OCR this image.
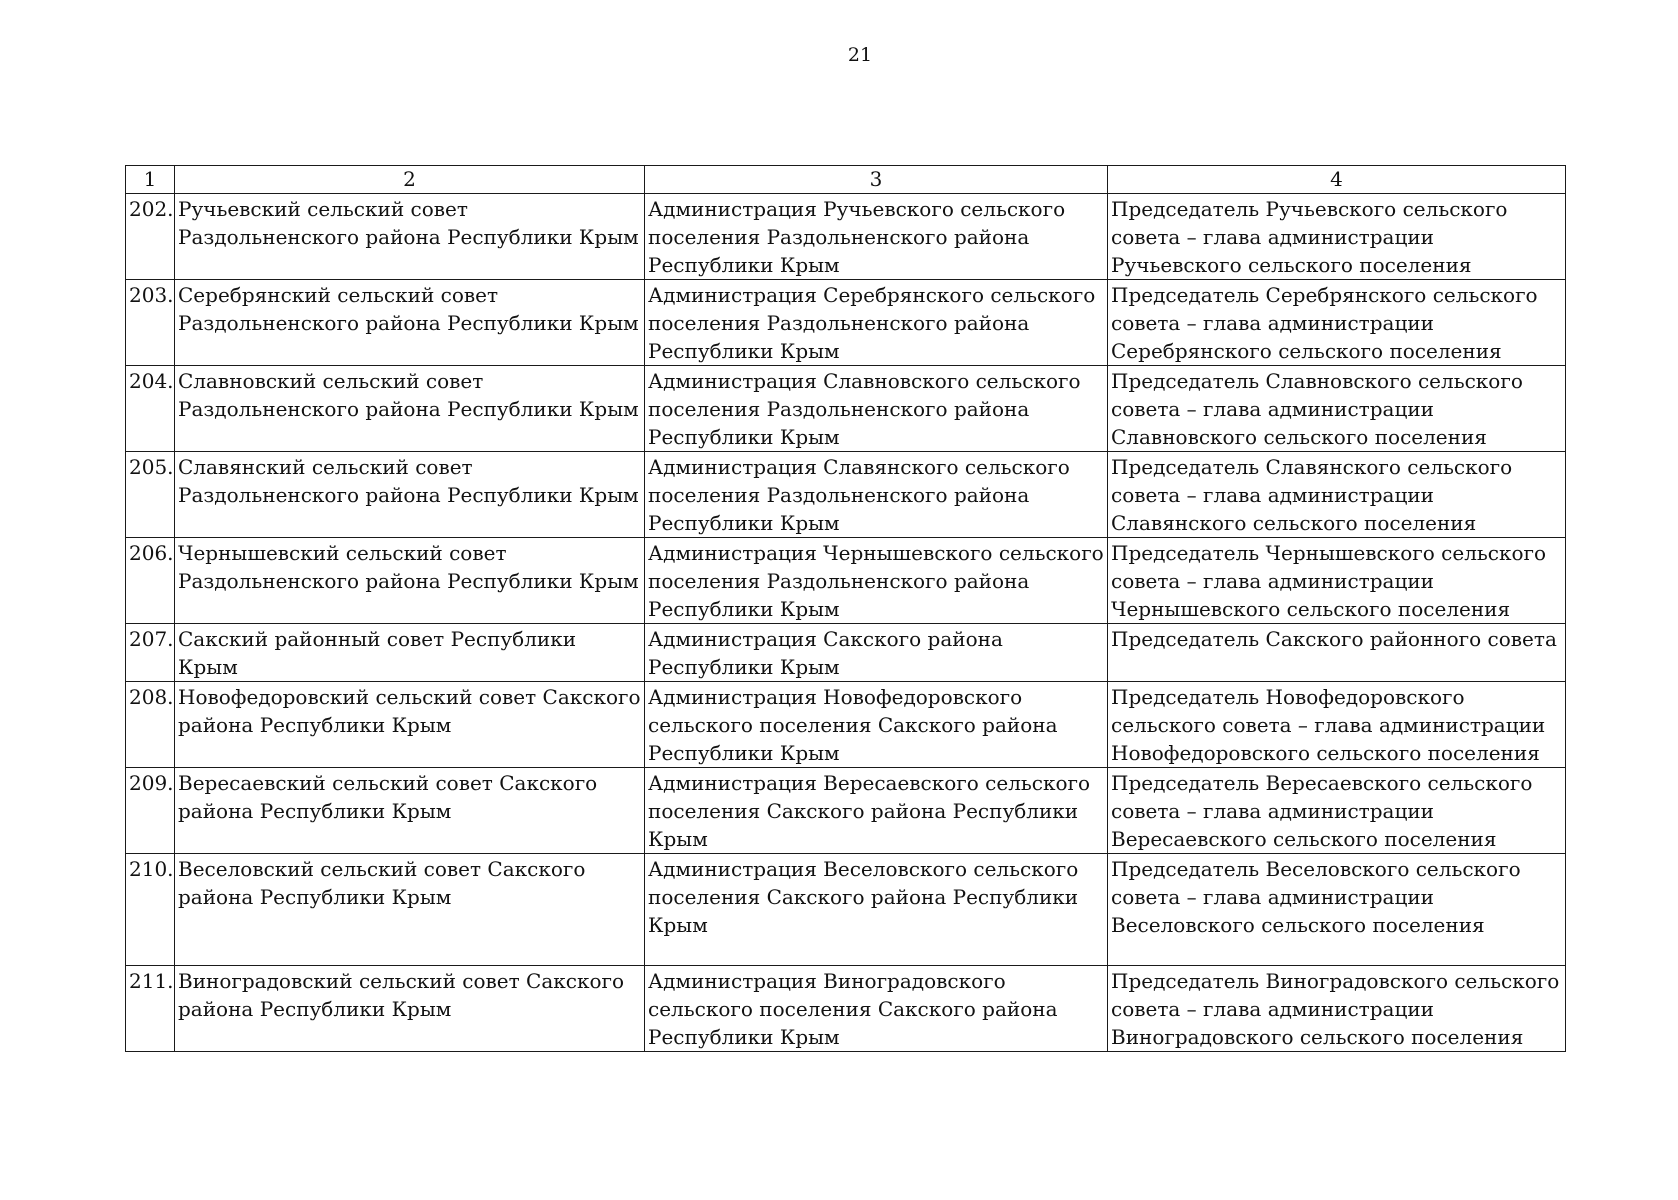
21
1	2	3	4
202.	Ручьевский сельский совет Раздольненского района Республики Крым	Администрация Ручьевского сельского поселения Раздольненского района Республики Крым	Председатель Ручьевского сельского совета – глава администрации Ручьевского сельского поселения
203.	Серебрянский сельский совет Раздольненского района Республики Крым	Администрация Серебрянского сельского поселения Раздольненского района Республики Крым	Председатель Серебрянского сельского совета – глава администрации Серебрянского сельского поселения
204.	Славновский сельский совет Раздольненского района Республики Крым	Администрация Славновского сельского поселения Раздольненского района Республики Крым	Председатель Славновского сельского совета – глава администрации Славновского сельского поселения
205.	Славянский сельский совет Раздольненского района Республики Крым	Администрация Славянского сельского поселения Раздольненского района Республики Крым	Председатель Славянского сельского совета – глава администрации Славянского сельского поселения
206.	Чернышевский сельский совет Раздольненского района Республики Крым	Администрация Чернышевского сельского поселения Раздольненского района Республики Крым	Председатель Чернышевского сельского совета – глава администрации Чернышевского сельского поселения
207.	Сакский районный совет Республики Крым	Администрация Сакского района Республики Крым	Председатель Сакского районного совета
208.	Новофедоровский сельский совет Сакского района Республики Крым	Администрация Новофедоровского сельского поселения Сакского района Республики Крым	Председатель Новофедоровского сельского совета – глава администрации Новофедоровского сельского поселения
209.	Вересаевский сельский совет Сакского района Республики Крым	Администрация Вересаевского сельского поселения Сакского района Республики Крым	Председатель Вересаевского сельского совета – глава администрации Вересаевского сельского поселения
210.	Веселовский сельский совет Сакского района Республики Крым	Администрация Веселовского сельского поселения Сакского района Республики Крым	Председатель Веселовского сельского совета – глава администрации Веселовского сельского поселения
211.	Виноградовский сельский совет Сакского района Республики Крым	Администрация Виноградовского сельского поселения Сакского района Республики Крым	Председатель Виноградовского сельского совета – глава администрации Виноградовского сельского поселения
